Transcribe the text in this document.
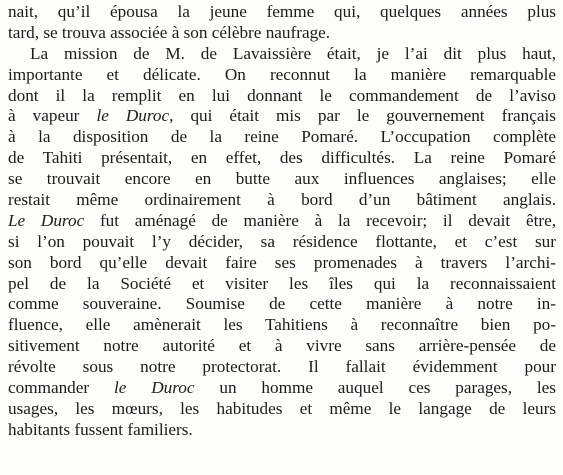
nait, qu’il épousa la jeune femme qui, quelques années plus
tard, se trouva associée à son célèbre naufrage.
La mission de M. de Lavaissière était, je l’ai dit plus haut,
importante et délicate. On reconnut la manière remarquable
dont il la remplit en lui donnant le commandement de l’aviso
à vapeur le Duroc, qui était mis par le gouvernement français
à la disposition de la reine Pomaré. L’occupation complète
de Tahiti présentait, en effet, des difficultés. La reine Pomaré
se trouvait encore en butte aux influences anglaises; elle
restait même ordinairement à bord d’un bâtiment anglais.
Le Duroc fut aménagé de manière à la recevoir; il devait être,
si l’on pouvait l’y décider, sa résidence flottante, et c’est sur
son bord qu’elle devait faire ses promenades à travers l’archi-
pel de la Société et visiter les îles qui la reconnaissaient
comme souveraine. Soumise de cette manière à notre in-
fluence, elle amènerait les Tahitiens à reconnaître bien po-
sitivement notre autorité et à vivre sans arrière-pensée de
révolte sous notre protectorat. Il fallait évidemment pour
commander le Duroc un homme auquel ces parages, les
usages, les mœurs, les habitudes et même le langage de leurs
habitants fussent familiers.
